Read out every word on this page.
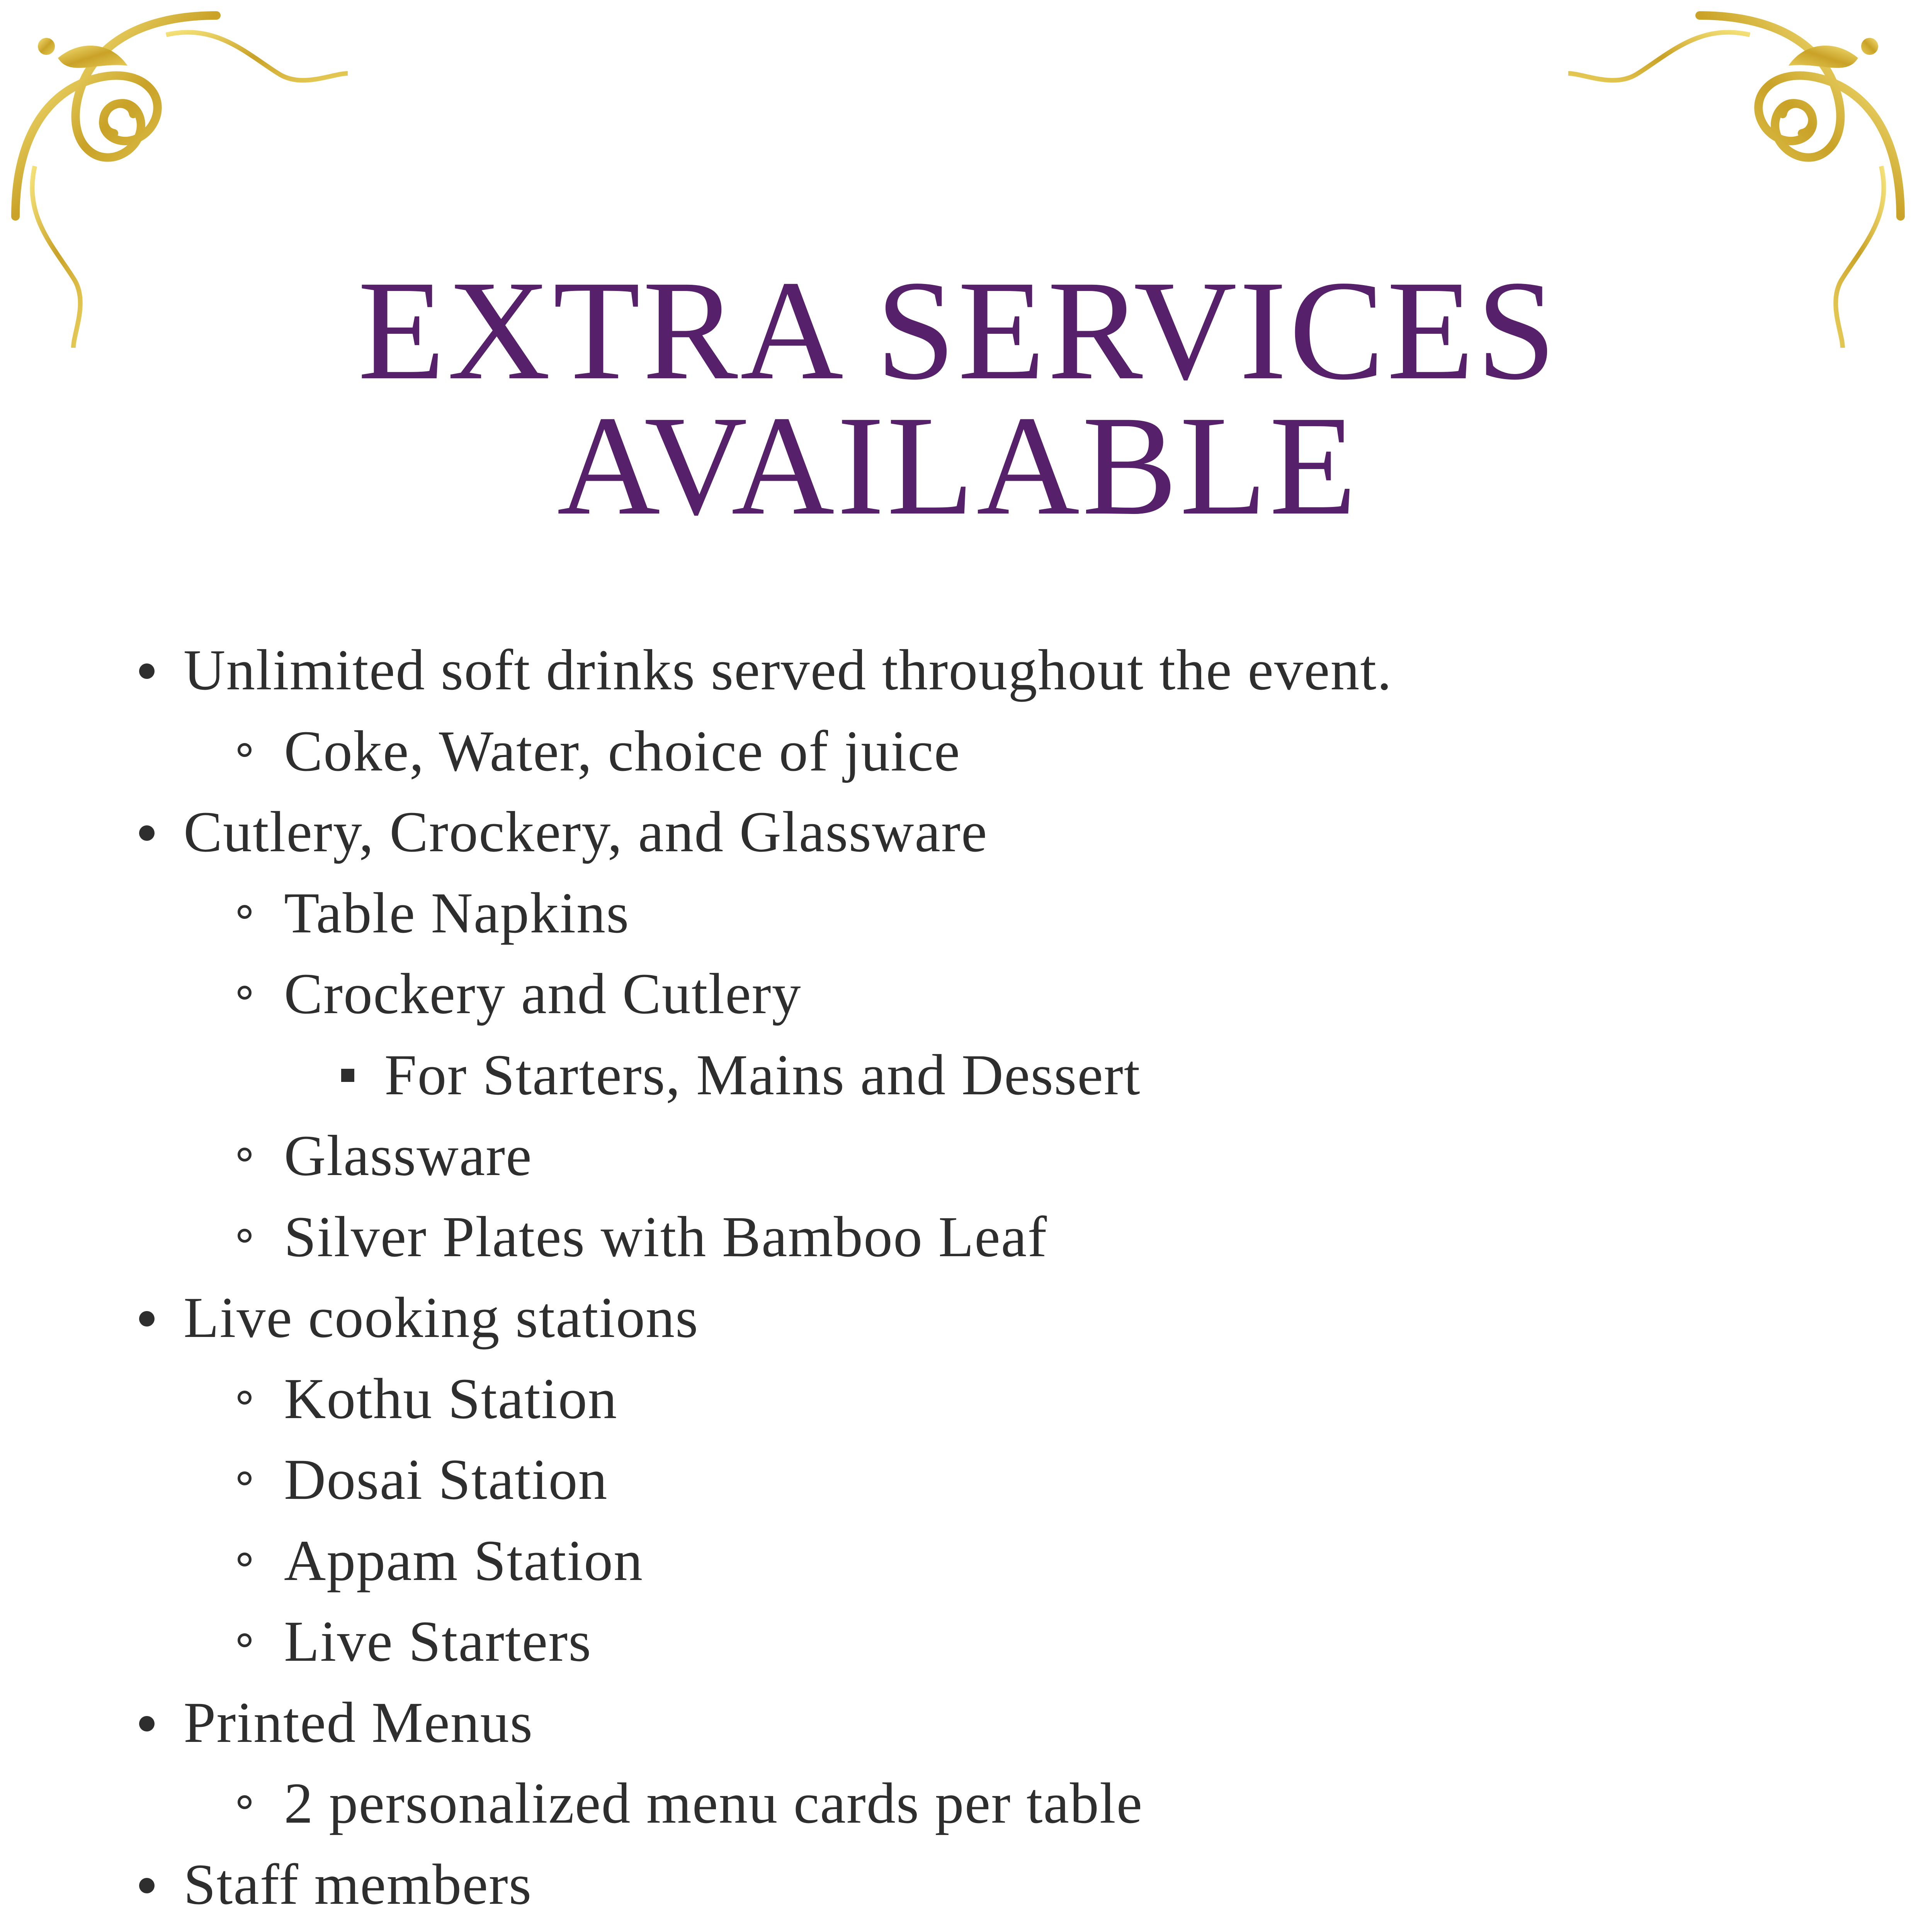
EXTRA SERVICES
AVAILABLE
Unlimited soft drinks served throughout the event.
Coke, Water, choice of juice
Cutlery, Crockery, and Glassware
Table Napkins
Crockery and Cutlery
For Starters, Mains and Dessert
Glassware
Silver Plates with Bamboo Leaf
Live cooking stations
Kothu Station
Dosai Station
Appam Station
Live Starters
Printed Menus
2 personalized menu cards per table
Staff members
